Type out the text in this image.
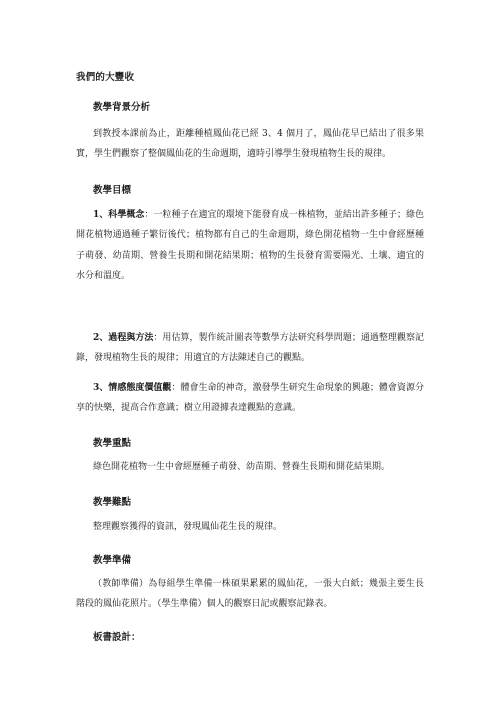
我們的大豐收
教學背景分析

到教授本課前為止，距離種植鳳仙花已經 3、4 個月了，鳳仙花早已結出了很多果實，學生們觀察了整個鳳仙花的生命週期，適時引導學生發現植物生長的規律。

教學目標

1、科學概念：一粒種子在適宜的環境下能發育成一株植物，並結出許多種子；綠色開花植物通過種子繁衍後代；植物都有自己的生命週期，綠色開花植物一生中會經歷種子萌發、幼苗期、營養生長期和開花結果期；植物的生長發育需要陽光、土壤、適宜的水分和溫度。

2、過程與方法：用估算，製作統計圖表等數學方法研究科學問題；通過整理觀察記錄，發現植物生長的規律；用適宜的方法陳述自己的觀點。

3、情感態度價值觀：體會生命的神奇，激發學生研究生命現象的興趣；體會資源分享的快樂，提高合作意識；樹立用證據表達觀點的意識。

教學重點

綠色開花植物一生中會經歷種子萌發、幼苗期、營養生長期和開花結果期。

教學難點

整理觀察獲得的資訊，發現鳳仙花生長的規律。

教學準備

（教師準備）為每組學生準備一株碩果累累的鳳仙花，一張大白紙；幾張主要生長階段的鳳仙花照片。（學生準備）個人的觀察日記或觀察記錄表。

板書設計：
